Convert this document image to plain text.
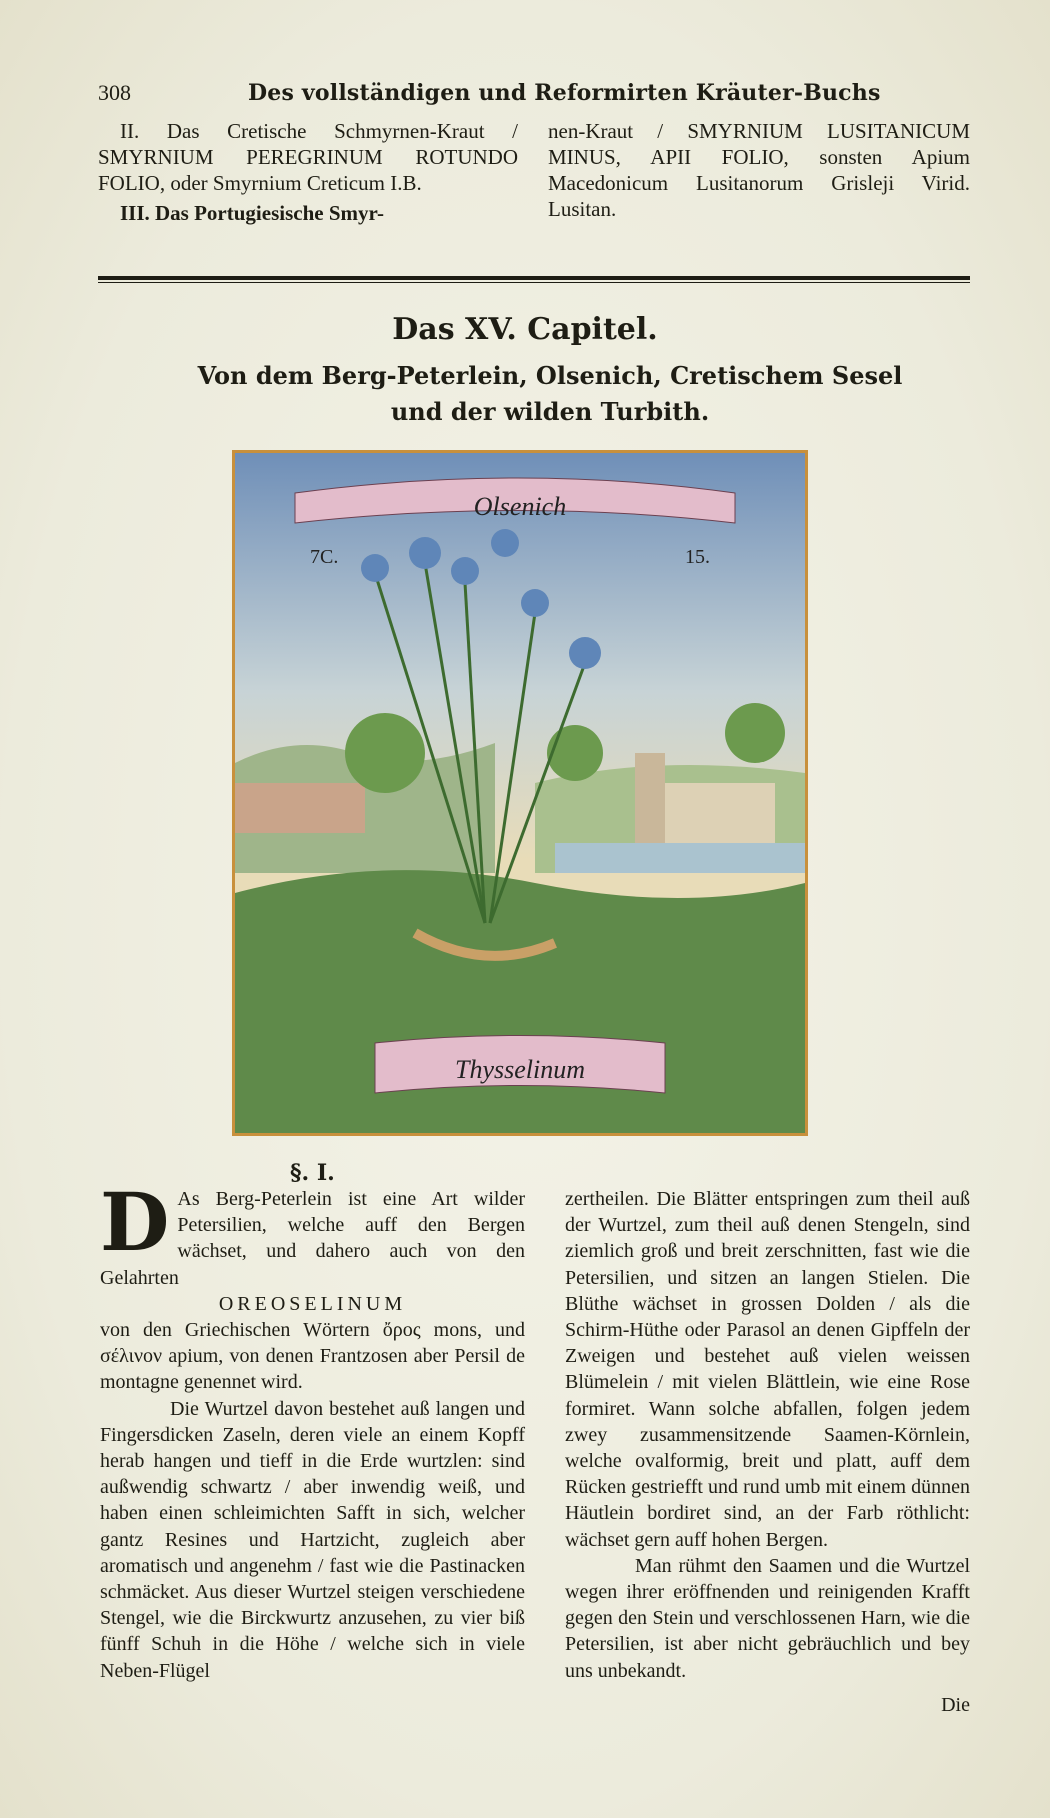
308	Des vollständigen und Reformirten Kräuter-Buchs

II. Das Cretische Schmyrnen-Kraut / SMYRNIUM PEREGRINUM ROTUNDO FOLIO, oder Smyrnium Creticum I.B.

III. Das Portugiesische Smyr-

nen-Kraut / SMYRNIUM LUSITANICUM MINUS, APII FOLIO, sonsten Apium Macedonicum Lusitanorum Grisleji Virid. Lusitan.

Das XV. Capitel.
Von dem Berg-Peterlein, Olsenich, Cretischem Sesel und der wilden Turbith.
Olsenich
7C.	15.
Thysselinum
§. I.
D As Berg-Peterlein ist eine Art wilder Petersilien, welche auff den Bergen wächset, und dahero auch von den Gelahrten

OREOSELINUM

von den Griechischen Wörtern ὄρος mons, und σέλινον apium, von denen Frantzosen aber Persil de montagne genennet wird.

Die Wurtzel davon bestehet auß langen und Fingersdicken Zaseln, deren viele an einem Kopff herab hangen und tieff in die Erde wurtzlen: sind außwendig schwartz / aber inwendig weiß, und haben einen schleimichten Safft in sich, welcher gantz Resines und Hartzicht, zugleich aber aromatisch und angenehm / fast wie die Pastinacken schmäcket. Aus dieser Wurtzel steigen verschiedene Stengel, wie die Birckwurtz anzusehen, zu vier biß fünff Schuh in die Höhe / welche sich in viele Neben-Flügel

zertheilen. Die Blätter entspringen zum theil auß der Wurtzel, zum theil auß denen Stengeln, sind ziemlich groß und breit zerschnitten, fast wie die Petersilien, und sitzen an langen Stielen. Die Blüthe wächset in grossen Dolden / als die Schirm-Hüthe oder Parasol an denen Gipffeln der Zweigen und bestehet auß vielen weissen Blümelein / mit vielen Blättlein, wie eine Rose formiret. Wann solche abfallen, folgen jedem zwey zusammensitzende Saamen-Körnlein, welche ovalformig, breit und platt, auff dem Rücken gestriefft und rund umb mit einem dünnen Häutlein bordiret sind, an der Farb röthlicht: wächset gern auff hohen Bergen.

Man rühmt den Saamen und die Wurtzel wegen ihrer eröffnenden und reinigenden Krafft gegen den Stein und verschlossenen Harn, wie die Petersilien, ist aber nicht gebräuchlich und bey uns unbekandt.

Die
